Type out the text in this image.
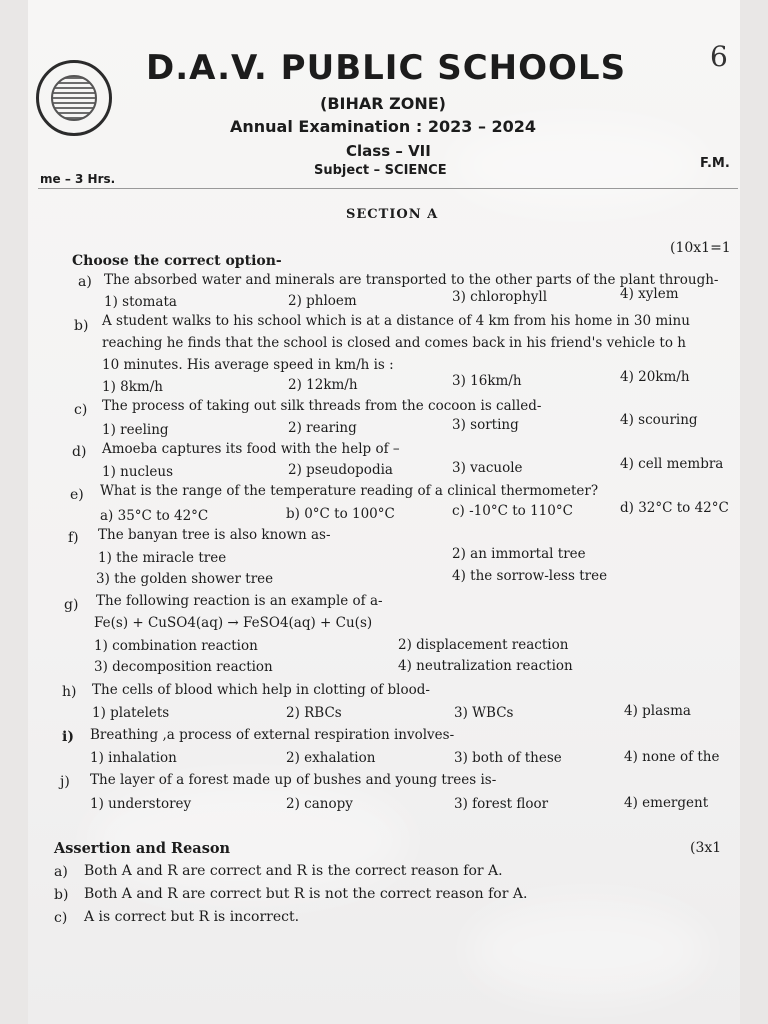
D.A.V. PUBLIC SCHOOLS	6
(BIHAR ZONE)
Annual Examination : 2023 – 2024
Class – VII
me – 3 Hrs.
Subject – SCIENCE	F.M.
SECTION A
Choose the correct option-
(10x1=1
a) The absorbed water and minerals are transported to the other parts of the plant through-
1) stomata	2) phloem	3) chlorophyll	4) xylem
b) A student walks to his school which is at a distance of 4 km from his home in 30 minu
reaching he finds that the school is closed and comes back in his friend's vehicle to h
10 minutes. His average speed in km/h is :
1) 8km/h	2) 12km/h	3) 16km/h	4) 20km/h
c) The process of taking out silk threads from the cocoon is called-
1) reeling	2) rearing	3) sorting	4) scouring
d) Amoeba captures its food with the help of –
1) nucleus	2) pseudopodia	3) vacuole	4) cell membra
e) What is the range of the temperature reading of a clinical thermometer?
a) 35°C to 42°C	b) 0°C to 100°C	c) -10°C to 110°C	d) 32°C to 42°C
f) The banyan tree is also known as-
1) the miracle tree	2) an immortal tree
3) the golden shower tree	4) the sorrow-less tree
g) The following reaction is an example of a-
Fe(s) + CuSO4(aq) → FeSO4(aq) + Cu(s)
1) combination reaction	2) displacement reaction
3) decomposition reaction	4) neutralization reaction
h) The cells of blood which help in clotting of blood-
1) platelets	2) RBCs	3) WBCs	4) plasma
i) Breathing ,a process of external respiration involves-
1) inhalation	2) exhalation	3) both of these	4) none of the
j) The layer of a forest made up of bushes and young trees is-
1) understorey	2) canopy	3) forest floor	4) emergent
Assertion and Reason	(3x1
a) Both A and R are correct and R is the correct reason for A.
b) Both A and R are correct but R is not the correct reason for A.
c) A is correct but R is incorrect.
